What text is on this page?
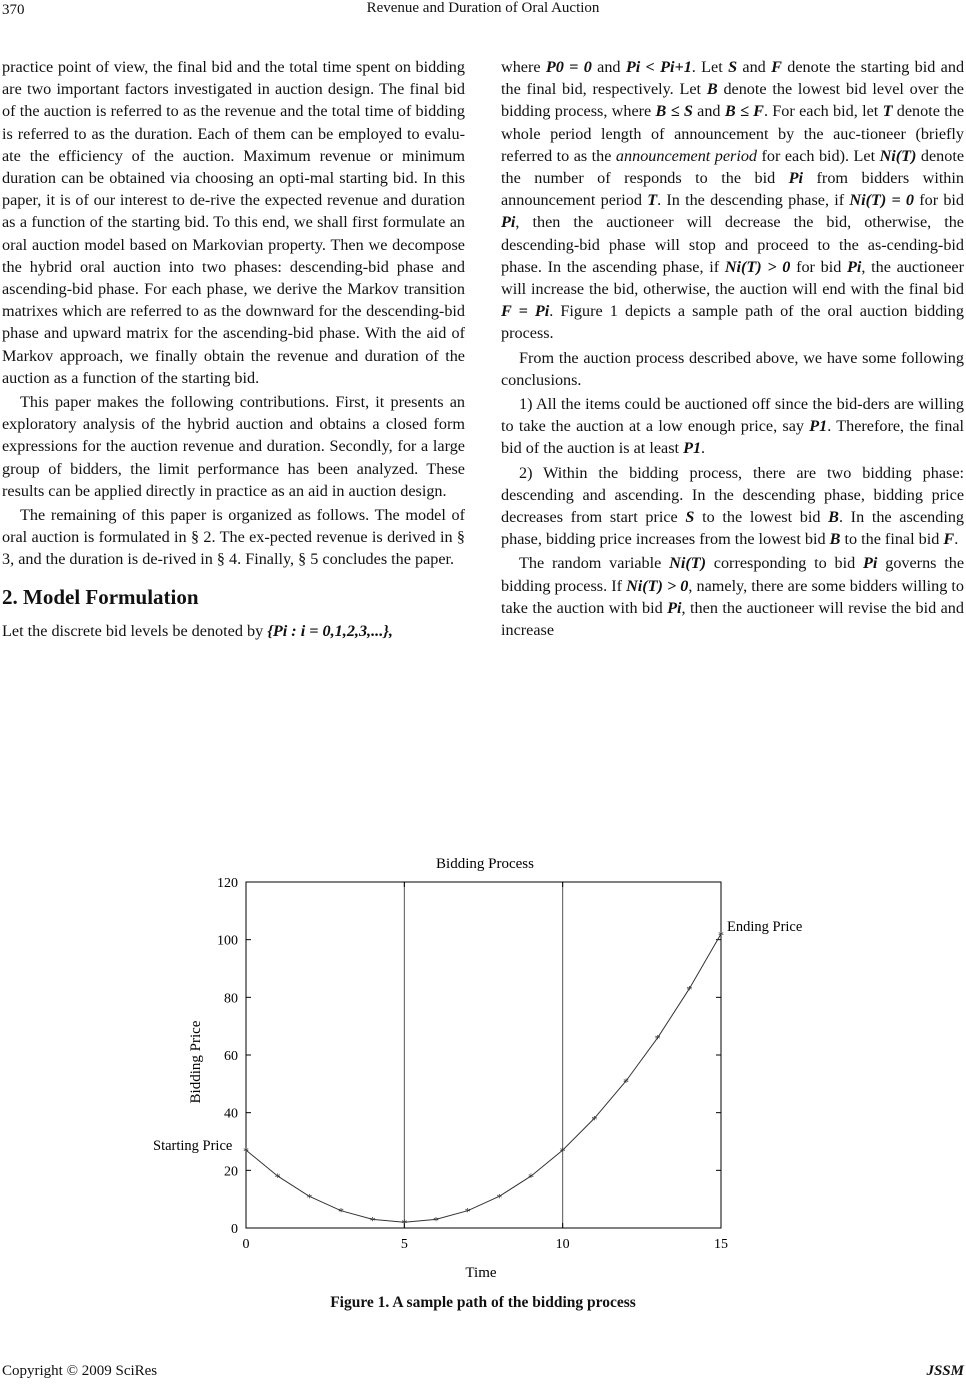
370	Revenue and Duration of Oral Auction

practice point of view, the final bid and the total time spent on bidding are two important factors investigated in auction design. The final bid of the auction is referred to as the revenue and the total time of bidding is referred to as the duration. Each of them can be employed to evalu-ate the efficiency of the auction. Maximum revenue or minimum duration can be obtained via choosing an opti-mal starting bid. In this paper, it is of our interest to de-rive the expected revenue and duration as a function of the starting bid. To this end, we shall first formulate an oral auction model based on Markovian property. Then we decompose the hybrid oral auction into two phases: descending-bid phase and ascending-bid phase. For each phase, we derive the Markov transition matrixes which are referred to as the downward for the descending-bid phase and upward matrix for the ascending-bid phase. With the aid of Markov approach, we finally obtain the revenue and duration of the auction as a function of the starting bid.

This paper makes the following contributions. First, it presents an exploratory analysis of the hybrid auction and obtains a closed form expressions for the auction revenue and duration. Secondly, for a large group of bidders, the limit performance has been analyzed. These results can be applied directly in practice as an aid in auction design.

The remaining of this paper is organized as follows. The model of oral auction is formulated in § 2. The ex-pected revenue is derived in § 3, and the duration is de-rived in § 4. Finally, § 5 concludes the paper.

2. Model Formulation

Let the discrete bid levels be denoted by {Pi : i = 0,1,2,3,...},

where P0 = 0 and Pi < Pi+1. Let S and F denote the starting bid and the final bid, respectively. Let B denote the lowest bid level over the bidding process, where B ≤ S and B ≤ F. For each bid, let T denote the whole period length of announcement by the auc-tioneer (briefly referred to as the announcement period for each bid). Let Ni(T) denote the number of responds to the bid Pi from bidders within announcement period T. In the descending phase, if Ni(T) = 0 for bid Pi, then the auctioneer will decrease the bid, otherwise, the descending-bid phase will stop and proceed to the as-cending-bid phase. In the ascending phase, if Ni(T) > 0 for bid Pi, the auctioneer will increase the bid, otherwise, the auction will end with the final bid F = Pi. Figure 1 depicts a sample path of the oral auction bidding process.

From the auction process described above, we have some following conclusions.

1) All the items could be auctioned off since the bid-ders are willing to take the auction at a low enough price, say P1. Therefore, the final bid of the auction is at least P1.

2) Within the bidding process, there are two bidding phase: descending and ascending. In the descending phase, bidding price decreases from start price S to the lowest bid B. In the ascending phase, bidding price increases from the lowest bid B to the final bid F.

The random variable Ni(T) corresponding to bid Pi governs the bidding process. If Ni(T) > 0, namely, there are some bidders willing to take the auction with bid Pi, then the auctioneer will revise the bid and increase

0
20
40
60
80
100
120
0	5	10	15
*
*
*
*
* * *
*
*
*
*
*
*
*
*
*
Bidding Process
Time
Bidding Price
Starting Price
Ending Price
Figure 1. A sample path of the bidding process
Copyright © 2009 SciRes	JSSM
